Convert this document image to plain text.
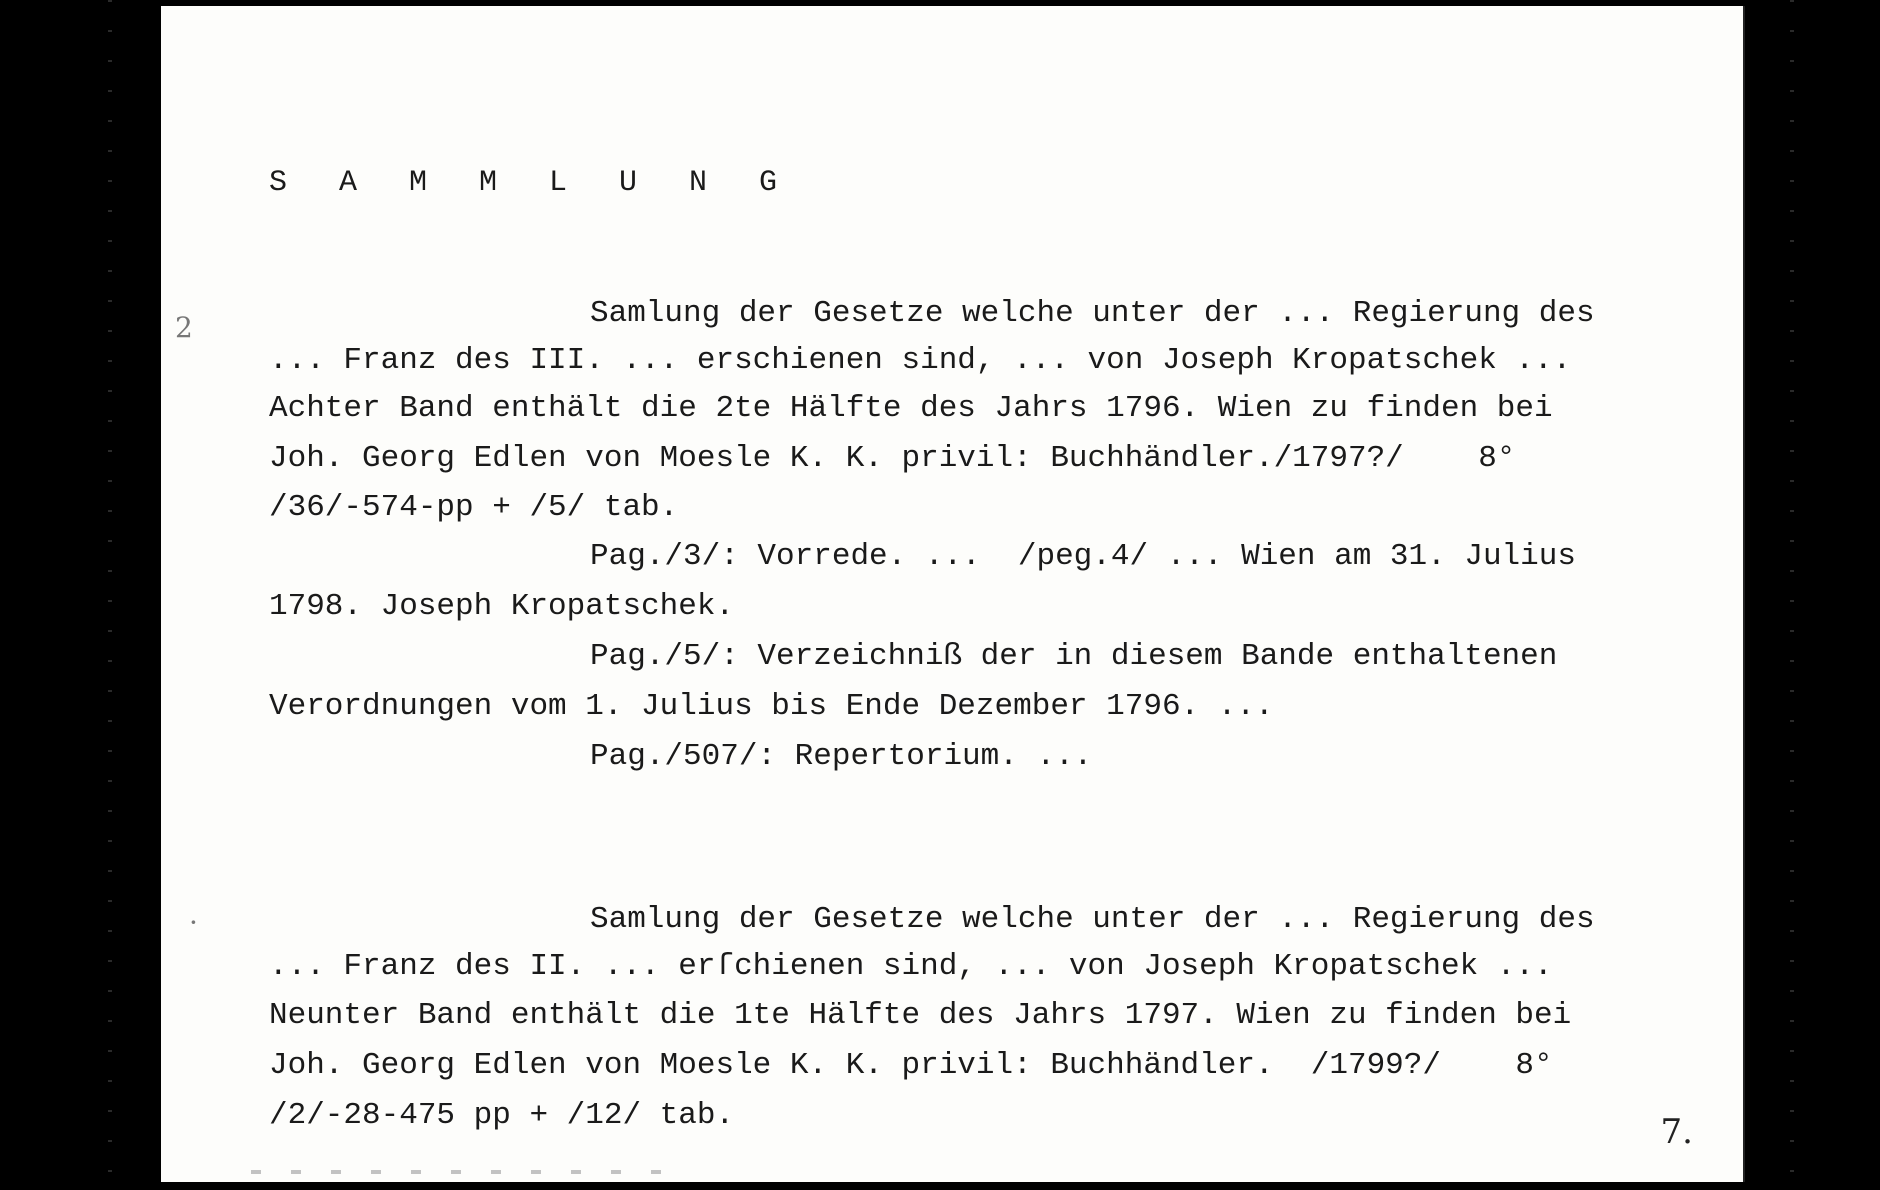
S A M M L U N G
2	Samlung der Gesetze welche unter der ... Regierung des
... Franz des III. ... erschienen sind, ... von Joseph Kropatschek ...
Achter Band enthält die 2te Hälfte des Jahrs 1796. Wien zu finden bei
Joh. Georg Edlen von Moesle K. K. privil: Buchhändler./1797?/    8°
/36/-574-pp + /5/ tab.
Pag./3/: Vorrede. ...  /peg.4/ ... Wien am 31. Julius
1798. Joseph Kropatschek.
Pag./5/: Verzeichniß der in diesem Bande enthaltenen
Verordnungen vom 1. Julius bis Ende Dezember 1796. ...
Pag./507/: Repertorium. ...
·	Samlung der Gesetze welche unter der ... Regierung des
... Franz des II. ... erſchienen sind, ... von Joseph Kropatschek ...
Neunter Band enthält die 1te Hälfte des Jahrs 1797. Wien zu finden bei
Joh. Georg Edlen von Moesle K. K. privil: Buchhändler.  /1799?/    8°
/2/-28-475 pp + /12/ tab.	7.
